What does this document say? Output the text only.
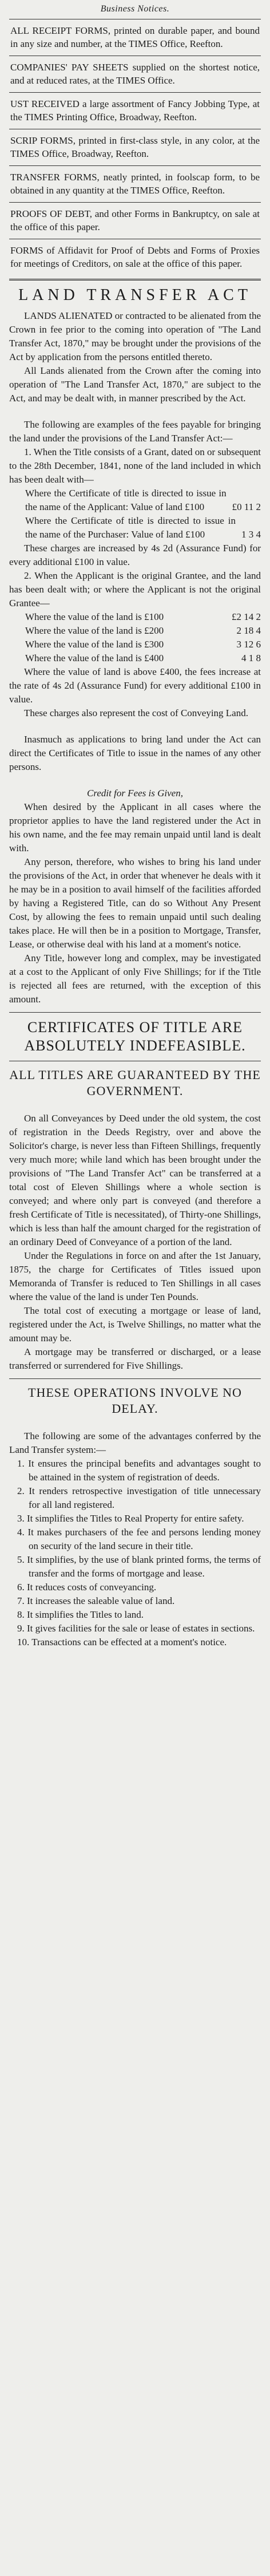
Business Notices.

ALL RECEIPT FORMS, printed on durable paper, and bound in any size and number, at the TIMES Office, Reefton.

COMPANIES' PAY SHEETS supplied on the shortest notice, and at reduced rates, at the TIMES Office.

UST RECEIVED a large assortment of Fancy Jobbing Type, at the TIMES Printing Office, Broadway, Reefton.

SCRIP FORMS, printed in first-class style, in any color, at the TIMES Office, Broadway, Reefton.

TRANSFER FORMS, neatly printed, in foolscap form, to be obtained in any quantity at the TIMES Office, Reefton.

PROOFS OF DEBT, and other Forms in Bankruptcy, on sale at the office of this paper.

FORMS of Affidavit for Proof of Debts and Forms of Proxies for meetings of Creditors, on sale at the office of this paper.

LAND TRANSFER ACT

LANDS ALIENATED or contracted to be alienated from the Crown in fee prior to the coming into operation of "The Land Transfer Act, 1870," may be brought under the provisions of the Act by application from the persons entitled thereto.

All Lands alienated from the Crown after the coming into operation of "The Land Transfer Act, 1870," are subject to the Act, and may be dealt with, in manner prescribed by the Act.

The following are examples of the fees payable for bringing the land under the provisions of the Land Transfer Act:—

1. When the Title consists of a Grant, dated on or subsequent to the 28th December, 1841, none of the land included in which has been dealt with—

Where the Certificate of title is directed to issue in the name of the Applicant: Value of land £100	£0 11 2
Where the Certificate of title is directed to issue in the name of the Purchaser: Value of land £100	1 3 4

These charges are increased by 4s 2d (Assurance Fund) for every additional £100 in value.

2. When the Applicant is the original Grantee, and the land has been dealt with; or where the Applicant is not the original Grantee—

Where the value of the land is £100	£2 14 2
Where the value of the land is £200	2 18 4
Where the value of the land is £300	3 12 6
Where the value of the land is £400	4 1 8

Where the value of land is above £400, the fees increase at the rate of 4s 2d (Assurance Fund) for every additional £100 in value.

These charges also represent the cost of Conveying Land.

Inasmuch as applications to bring land under the Act can direct the Certificates of Title to issue in the names of any other persons.

Credit for Fees is Given,

When desired by the Applicant in all cases where the proprietor applies to have the land registered under the Act in his own name, and the fee may remain unpaid until land is dealt with.

Any person, therefore, who wishes to bring his land under the provisions of the Act, in order that whenever he deals with it he may be in a position to avail himself of the facilities afforded by having a Registered Title, can do so Without Any Present Cost, by allowing the fees to remain unpaid until such dealing takes place. He will then be in a position to Mortgage, Transfer, Lease, or otherwise deal with his land at a moment's notice.

Any Title, however long and complex, may be investigated at a cost to the Applicant of only Five Shillings; for if the Title is rejected all fees are returned, with the exception of this amount.

CERTIFICATES OF TITLE ARE ABSOLUTELY INDEFEASIBLE.

ALL TITLES ARE GUARANTEED BY THE GOVERNMENT.

On all Conveyances by Deed under the old system, the cost of registration in the Deeds Registry, over and above the Solicitor's charge, is never less than Fifteen Shillings, frequently very much more; while land which has been brought under the provisions of "The Land Transfer Act" can be transferred at a total cost of Eleven Shillings where a whole section is conveyed; and where only part is conveyed (and therefore a fresh Certificate of Title is necessitated), of Thirty-one Shillings, which is less than half the amount charged for the registration of an ordinary Deed of Conveyance of a portion of the land.

Under the Regulations in force on and after the 1st January, 1875, the charge for Certificates of Titles issued upon Memoranda of Transfer is reduced to Ten Shillings in all cases where the value of the land is under Ten Pounds.

The total cost of executing a mortgage or lease of land, registered under the Act, is Twelve Shillings, no matter what the amount may be.

A mortgage may be transferred or discharged, or a lease transferred or surrendered for Five Shillings.

THESE OPERATIONS INVOLVE NO DELAY.

The following are some of the advantages conferred by the Land Transfer system:—

1. It ensures the principal benefits and advantages sought to be attained in the system of registration of deeds.

2. It renders retrospective investigation of title unnecessary for all land registered.

3. It simplifies the Titles to Real Property for entire safety.

4. It makes purchasers of the fee and persons lending money on security of the land secure in their title.

5. It simplifies, by the use of blank printed forms, the terms of transfer and the forms of mortgage and lease.

6. It reduces costs of conveyancing.

7. It increases the saleable value of land.

8. It simplifies the Titles to land.

9. It gives facilities for the sale or lease of estates in sections.

10. Transactions can be effected at a moment's notice.
